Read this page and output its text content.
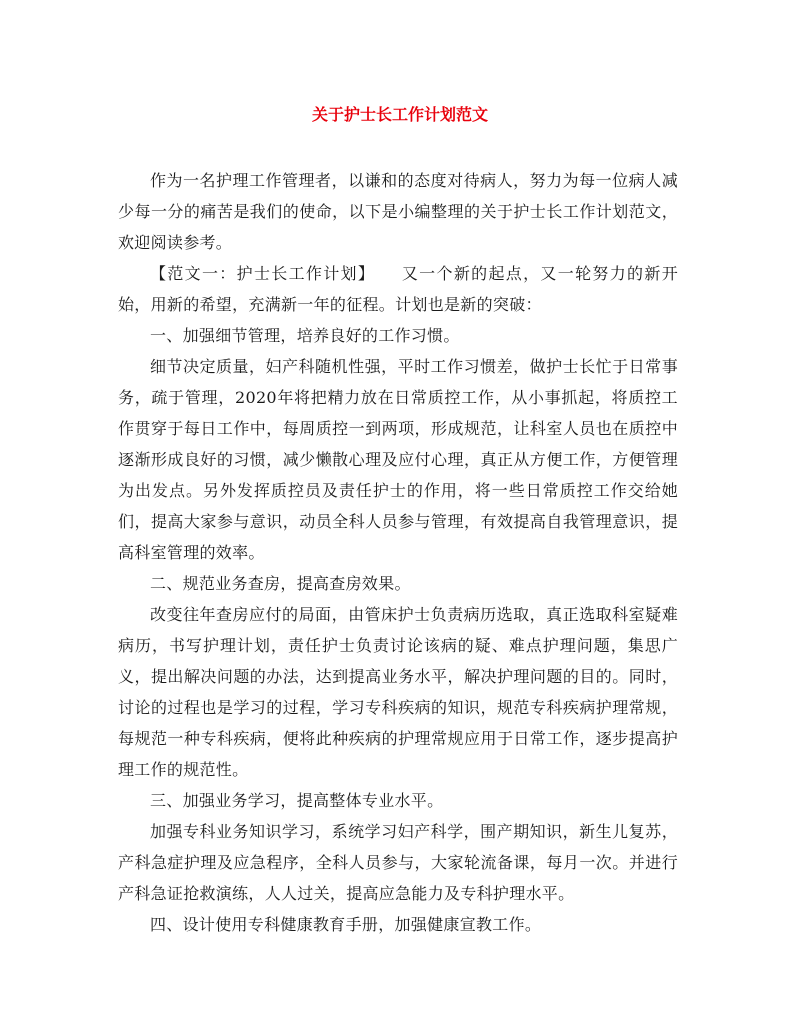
关于护士长工作计划范文

作为一名护理工作管理者，以谦和的态度对待病人，努力为每一位病人减少每一分的痛苦是我们的使命，以下是小编整理的关于护士长工作计划范文，欢迎阅读参考。

【范文一：护士长工作计划】　　又一个新的起点，又一轮努力的新开始，用新的希望，充满新一年的征程。计划也是新的突破：

一、加强细节管理，培养良好的工作习惯。

细节决定质量，妇产科随机性强，平时工作习惯差，做护士长忙于日常事务，疏于管理，2020年将把精力放在日常质控工作，从小事抓起，将质控工作贯穿于每日工作中，每周质控一到两项，形成规范，让科室人员也在质控中逐渐形成良好的习惯，减少懒散心理及应付心理，真正从方便工作，方便管理为出发点。另外发挥质控员及责任护士的作用，将一些日常质控工作交给她们，提高大家参与意识，动员全科人员参与管理，有效提高自我管理意识，提高科室管理的效率。

二、规范业务查房，提高查房效果。

改变往年查房应付的局面，由管床护士负责病历选取，真正选取科室疑难病历，书写护理计划，责任护士负责讨论该病的疑、难点护理问题，集思广义，提出解决问题的办法，达到提高业务水平，解决护理问题的目的。同时，讨论的过程也是学习的过程，学习专科疾病的知识，规范专科疾病护理常规，每规范一种专科疾病，便将此种疾病的护理常规应用于日常工作，逐步提高护理工作的规范性。

三、加强业务学习，提高整体专业水平。

加强专科业务知识学习，系统学习妇产科学，围产期知识，新生儿复苏，产科急症护理及应急程序，全科人员参与，大家轮流备课，每月一次。并进行产科急证抢救演练，人人过关，提高应急能力及专科护理水平。

四、设计使用专科健康教育手册，加强健康宣教工作。
